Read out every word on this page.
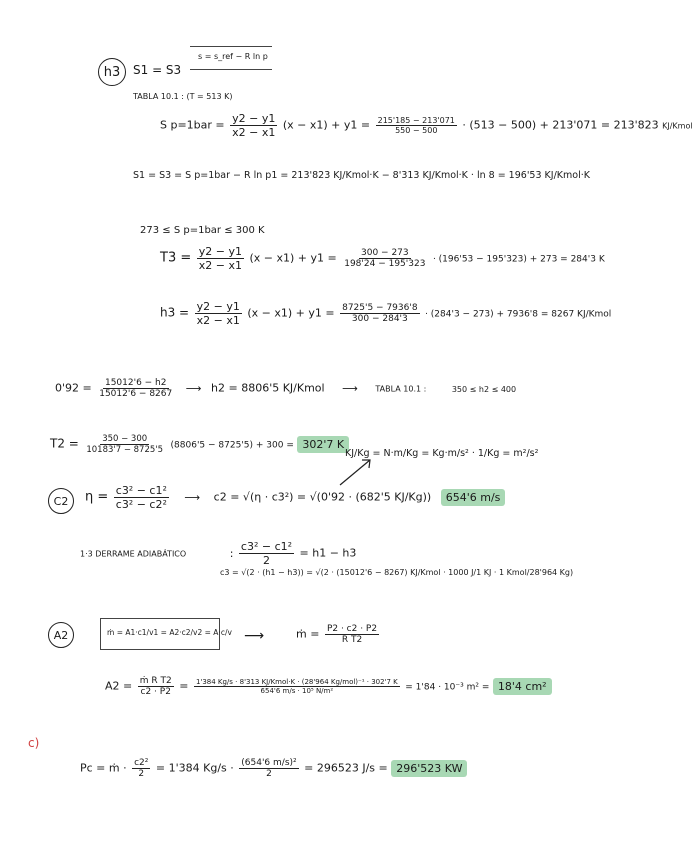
h3 S1 = S3
s = s_ref − R ln p
TABLA 10.1 : (T = 513 K)
S $p=1bar = \frac{y2 - y1}{x2 - x1} (x - x1) + y1 = \frac{215'185 - 213'071}{550 - 500} \cdot (513 - 500) + 213'071 = 213'823$ KJ/Kmol
S1 = S3 = S p=1bar − R ln p1 = 213'823 KJ/Kmol·K − 8'313 KJ/Kmol·K · ln 8 = 196'53 KJ/Kmol·K
273 ≤ S p=1bar ≤ 300 K
$T3 = \frac{y2 - y1}{x2 - x1} (x - x1) + y1 = \frac{300 - 273}{198'24 - 195'323} \cdot (196'53 - 195'323) + 273 = 284'3$ K
$h3 = \frac{y2 - y1}{x2 - x1} (x - x1) + y1 = \frac{8725'5 - 7936'8}{300 - 284'3} \cdot (284'3 - 273) + 7936'8 = 8267$ KJ/Kmol
$0'92 = \frac{15012'6 - h2}{15012'6 - 8267}$ ⟶ h2 = 8806'5 KJ/Kmol ⟶ TABLA 10.1 :	350 ≤ h2 ≤ 400
$T2 = \frac{350 - 300}{10183'7 - 8725'5} (8806'5 - 8725'5) + 300 = 302'7$ K
KJ/Kg = N·m/Kg = Kg·m/s² · 1/Kg = m²/s²
C2 $\eta = \frac{\text{c3² − c1²}}{\text{c3² − c2²}}$ ⟶ c2 = √(η · c3²) = √(0'92 · (682'5 KJ/Kg)) 654'6 m/s
1·3 DERRAME ADIABÁTICO	: $\frac{\text{c3² − c1²}}{2} = h1 - h3$
c3 = √(2 · (h1 − h3)) = √(2 · (15012'6 − 8267) KJ/Kmol · 1000 J/1 KJ · 1 Kmol/28'964 Kg)
A2	ṁ = A1·c1/v1 = A2·c2/v2 = A·c/v ⟶	ṁ = $\frac{P2 \cdot c2 \cdot P2}{\text{R T2}}$
$A2 = \frac{\text{ṁ R T2}}{c2 \cdot P2} = \frac{\text{1'384 Kg/s · 8'313 KJ/Kmol·K · (28'964 Kg/mol)⁻¹ · 302'7 K}}{\text{654'6 m/s · 10⁵ N/m²}} = 1'84 \cdot 10^{-3}$ m² = 18'4 cm²
c)
Pc = ṁ · $\frac{\text{c2²}}{2} = 1'384$ $Kg/s \cdot \frac{\text{(654'6 m/s)²}}{2} = 296523$ J/s = 296'523 KW
